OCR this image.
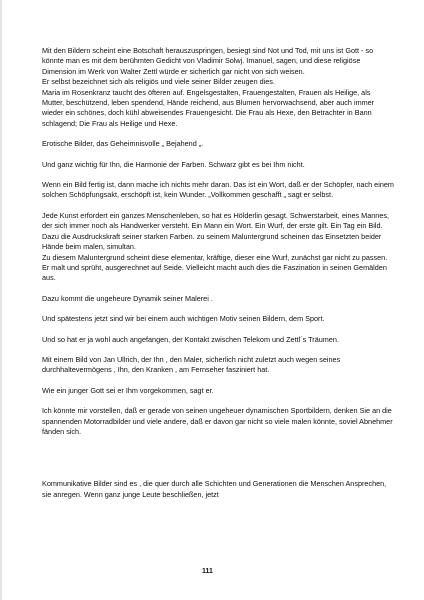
Mit den Bildern scheint eine Botschaft herauszuspringen, besiegt sind Not und Tod, mit uns ist Gott - so könnte man es mit dem berühmten Gedicht von Vladimir Solwj. Imanuel, sagen, und diese religiöse Dimension im Werk von Walter Zettl würde er sicherlich gar nicht von sich weisen.

Er selbst bezeichnet sich als religiös und viele seiner Bilder zeugen dies.

Maria im Rosenkranz taucht des öfteren auf. Engelsgestalten, Frauengestalten, Frauen als Heilige, als Mutter, beschützend, leben spendend, Hände reichend, aus Blumen hervorwachsend, aber auch immer wieder ein schönes, doch kühl abweisendes Frauengesicht. Die Frau als Hexe, den Betrachter in Bann schlagend; Die Frau als Heilige und Hexe.

Erotische Bilder, das Geheimnisvolle „ Bejahend „.

Und ganz wichtig für Ihn, die Harmonie der Farben. Schwarz gibt es bei Ihm nicht.

Wenn ein Bild fertig ist, dann mache ich nichts mehr daran. Das ist ein Wort, daß er der Schöpfer, nach einem solchen Schöpfungsakt, erschöpft ist, kein Wunder. „Vollkommen geschafft „ sagt er selbst.

Jede Kunst erfordert ein ganzes Menschenleben, so hat es Hölderlin gesagt. Schwerstarbeit, eines Mannes, der sich immer noch als Handwerker versteht. Ein Mann ein Wort. Ein Wurf, der erste gilt. Ein Tag ein Bild. Dazu die Ausdruckskraft seiner starken Farben. zu seinem Maluntergrund scheinen das Einsetzten beider Hände beim malen, simultan.

Zu diesem Maluntergrund scheint diese elementar, kräftige, dieser eine Wurf, zunächst gar nicht zu passen. Er malt und sprüht, ausgerechnet auf Seide. Vielleicht macht auch dies die Faszination in seinen Gemälden aus.

Dazu kommt die ungeheure Dynamik seiner Malerei .

Und spätestens jetzt sind wir bei einem auch wichtigen Motiv seinen Bildern, dem Sport.

Und so hat er ja wohl auch angefangen, der Kontakt zwischen Telekom und Zettl´s Träumen.

Mit einem Bild von Jan Ullrich, der Ihn , den Maler, sicherlich nicht zuletzt auch wegen seines durchhaltevermögens , Ihn, den Kranken , am Fernseher fasziniert hat.

Wie ein junger Gott sei er Ihm vorgekommen, sagt er.

Ich könnte mir vorstellen, daß er gerade von seinen ungeheuer dynamischen Sportbildern, denken Sie an die spannenden Motorradbilder und viele andere, daß er davon gar nicht so viele malen könnte, soviel Abnehmer fänden sich.

Kommunikative Bilder sind es , die quer durch alle Schichten und Generationen die Menschen Ansprechen, sie anregen. Wenn ganz junge Leute beschließen, jetzt

111
